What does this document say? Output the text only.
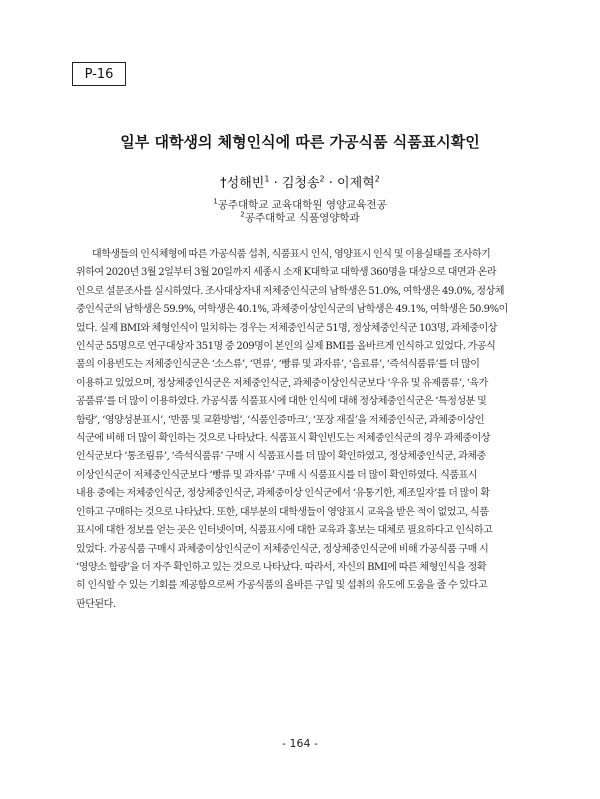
P-16
일부 대학생의 체형인식에 따른 가공식품 식품표시확인
†성해빈$^1$ · 김청송$^2$ · 이제혁$^2$
$^1$공주대학교 교육대학원 영양교육전공
$^2$공주대학교 식품영양학과
대학생들의 인식체형에 따른 가공식품 섭취, 식품표시 인식, 영양표시 인식 및 이용실태를 조사하기
위하여 2020년 3월 2일부터 3월 20일까지 세종시 소재 K대학교 대학생 360명을 대상으로 대면과 온라
인으로 설문조사를 실시하였다. 조사대상자내 저체중인식군의 남학생은 51.0%, 여학생은 49.0%, 정상체
중인식군의 남학생은 59.9%, 여학생은 40.1%, 과체중이상인식군의 남학생은 49.1%, 여학생은 50.9%이
었다. 실제 BMI와 체형인식이 일치하는 경우는 저체중인식군 51명, 정상체중인식군 103명, 과체중이상
인식군 55명으로 연구대상자 351명 중 209명이 본인의 실제 BMI를 올바르게 인식하고 있었다. 가공식
품의 이용빈도는 저체중인식군은 ‘소스류’, ‘면류’, ‘빵류 및 과자류’, ‘음료류’, ‘즉석식품류’를 더 많이
이용하고 있었으며, 정상체중인식군은 저체중인식군, 과체중이상인식군보다 ‘우유 및 유제품류’, ‘육가
공품류’를 더 많이 이용하였다. 가공식품 식품표시에 대한 인식에 대해 정상체중인식군은 ‘특정성분 및
함량’, ‘영양성분표시’, ‘반품 및 교환방법’, ‘식품인증마크’, ‘포장 재질’을 저체중인식군, 과체중이상인
식군에 비해 더 많이 확인하는 것으로 나타났다. 식품표시 확인빈도는 저체중인식군의 경우 과체중이상
인식군보다 ‘통조림류’, ‘즉석식품류’ 구매 시 식품표시를 더 많이 확인하였고, 정상체중인식군, 과체중
이상인식군이 저체중인식군보다 ‘빵류 및 과자류’ 구매 시 식품표시를 더 많이 확인하였다. 식품표시
내용 중에는 저체중인식군, 정상체중인식군, 과체중이상 인식군에서 ‘유통기한, 제조일자’를 더 많이 확
인하고 구매하는 것으로 나타났다. 또한, 대부분의 대학생들이 영양표시 교육을 받은 적이 없었고, 식품
표시에 대한 정보를 얻는 곳은 인터넷이며, 식품표시에 대한 교육과 홍보는 대체로 필요하다고 인식하고
있었다. 가공식품 구매시 과체중이상인식군이 저체중인식군, 정상체중인식군에 비해 가공식품 구매 시
‘영양소 함량’을 더 자주 확인하고 있는 것으로 나타났다. 따라서, 자신의 BMI에 따른 체형인식을 정확
히 인식할 수 있는 기회를 제공함으로써 가공식품의 올바른 구입 및 섭취의 유도에 도움을 줄 수 있다고
판단된다.
- 164 -
